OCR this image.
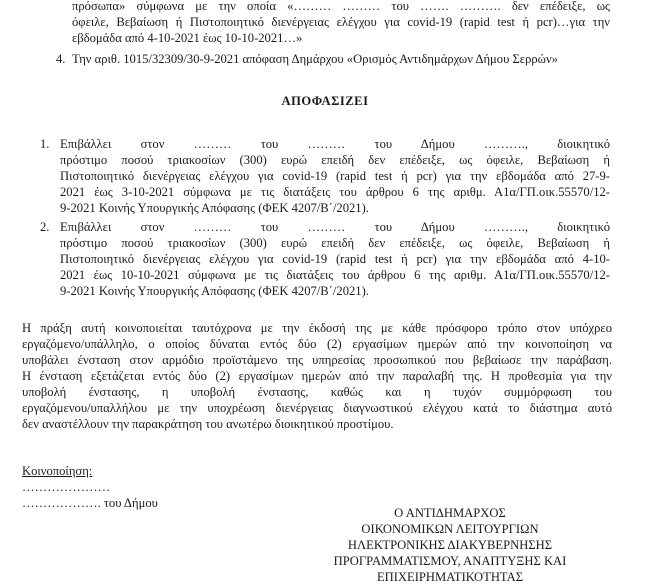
πρόσωπα» σύμφωνα με την οποία «……… ……… του ……. ………. δεν επέδειξε, ως

όφειλε, Βεβαίωση ή Πιστοποιητικό διενέργειας ελέγχου για covid-19 (rapid test ή pcr)…για την

εβδομάδα από 4-10-2021 έως 10-10-2021…»

4. Την αριθ. 1015/32309/30-9-2021 απόφαση Δημάρχου «Ορισμός Αντιδημάρχων Δήμου Σερρών»

ΑΠΟΦΑΣΙΖΕΙ
1. Επιβάλλει στον ……… του ……… του Δήμου ………., διοικητικό

πρόστιμο ποσού τριακοσίων (300) ευρώ επειδή δεν επέδειξε, ως όφειλε, Βεβαίωση ή

Πιστοποιητικό διενέργειας ελέγχου για covid-19 (rapid test ή pcr) για την εβδομάδα από 27-9-

2021 έως 3-10-2021 σύμφωνα με τις διατάξεις του άρθρου 6 της αριθμ. Α1α/ΓΠ.οικ.55570/12-

9-2021 Κοινής Υπουργικής Απόφασης (ΦΕΚ 4207/Β΄/2021).

2. Επιβάλλει στον ……… του ……… του Δήμου ………., διοικητικό

πρόστιμο ποσού τριακοσίων (300) ευρώ επειδή δεν επέδειξε, ως όφειλε, Βεβαίωση ή

Πιστοποιητικό διενέργειας ελέγχου για covid-19 (rapid test ή pcr) για την εβδομάδα από 4-10-

2021 έως 10-10-2021 σύμφωνα με τις διατάξεις του άρθρου 6 της αριθμ. Α1α/ΓΠ.οικ.55570/12-

9-2021 Κοινής Υπουργικής Απόφασης (ΦΕΚ 4207/Β΄/2021).

Η πράξη αυτή κοινοποιείται ταυτόχρονα με την έκδοσή της με κάθε πρόσφορο τρόπο στον υπόχρεο

εργαζόμενο/υπάλληλο, ο οποίος δύναται εντός δύο (2) εργασίμων ημερών από την κοινοποίηση να

υποβάλει ένσταση στον αρμόδιο προϊστάμενο της υπηρεσίας προσωπικού που βεβαίωσε την παράβαση.

Η ένσταση εξετάζεται εντός δύο (2) εργασίμων ημερών από την παραλαβή της. Η προθεσμία για την

υποβολή ένστασης, η υποβολή ένστασης, καθώς και η τυχόν συμμόρφωση του

εργαζόμενου/υπαλλήλου με την υποχρέωση διενέργειας διαγνωστικού ελέγχου κατά το διάστημα αυτό

δεν αναστέλλουν την παρακράτηση του ανωτέρω διοικητικού προστίμου.

Κοινοποίηση:

…………………

………………. του Δήμου

Ο ΑΝΤΙΔΗΜΑΡΧΟΣ
ΟΙΚΟΝΟΜΙΚΩΝ ΛΕΙΤΟΥΡΓΙΩΝ
ΗΛΕΚΤΡΟΝΙΚΗΣ ΔΙΑΚΥΒΕΡΝΗΣΗΣ
ΠΡΟΓΡΑΜΜΑΤΙΣΜΟΥ, ΑΝΑΠΤΥΞΗΣ ΚΑΙ
ΕΠΙΧΕΙΡΗΜΑΤΙΚΟΤΗΤΑΣ
